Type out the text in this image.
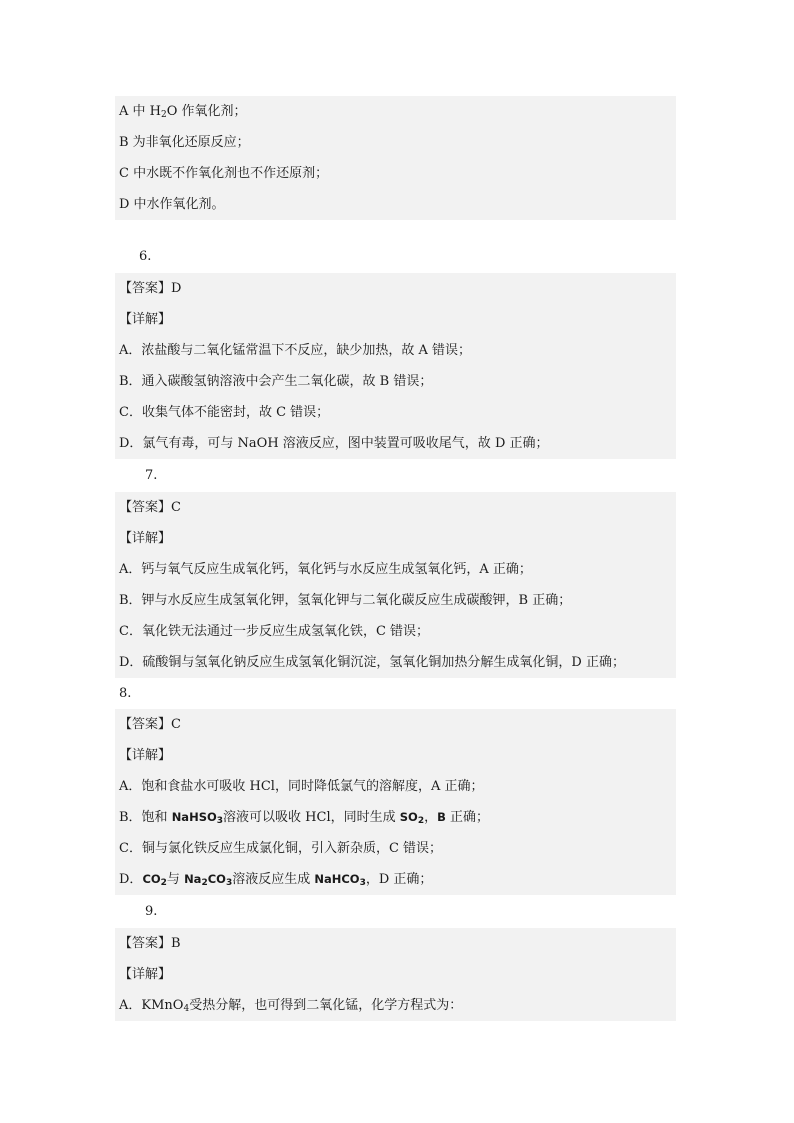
A 中 $H_2O$ 作氧化剂；
B 为非氧化还原反应；
C 中水既不作氧化剂也不作还原剂；
D 中水作氧化剂。
6.
【答案】D
【详解】
A．浓盐酸与二氧化锰常温下不反应，缺少加热，故 A 错误；
B．通入碳酸氢钠溶液中会产生二氧化碳，故 B 错误；
C．收集气体不能密封，故 C 错误；
D．氯气有毒，可与 NaOH 溶液反应，图中装置可吸收尾气，故 D 正确；
7.
【答案】C
【详解】
A．钙与氧气反应生成氧化钙，氧化钙与水反应生成氢氧化钙，A 正确；
B．钾与水反应生成氢氧化钾，氢氧化钾与二氧化碳反应生成碳酸钾，B 正确；
C．氧化铁无法通过一步反应生成氢氧化铁，C 错误；
D．硫酸铜与氢氧化钠反应生成氢氧化铜沉淀，氢氧化铜加热分解生成氧化铜，D 正确；
8.
【答案】C
【详解】
A．饱和食盐水可吸收 HCl，同时降低氯气的溶解度，A 正确；
B．饱和 NaHSO$_3$溶液可以吸收 HCl，同时生成 $SO_2$，B 正确；
C．铜与氯化铁反应生成氯化铜，引入新杂质，C 错误；
D．$CO_2$与 $Na_2CO_3$溶液反应生成 NaHCO$_3$，D 正确；
9.
【答案】B
【详解】
A．KMnO$_4$受热分解，也可得到二氧化锰，化学方程式为：
